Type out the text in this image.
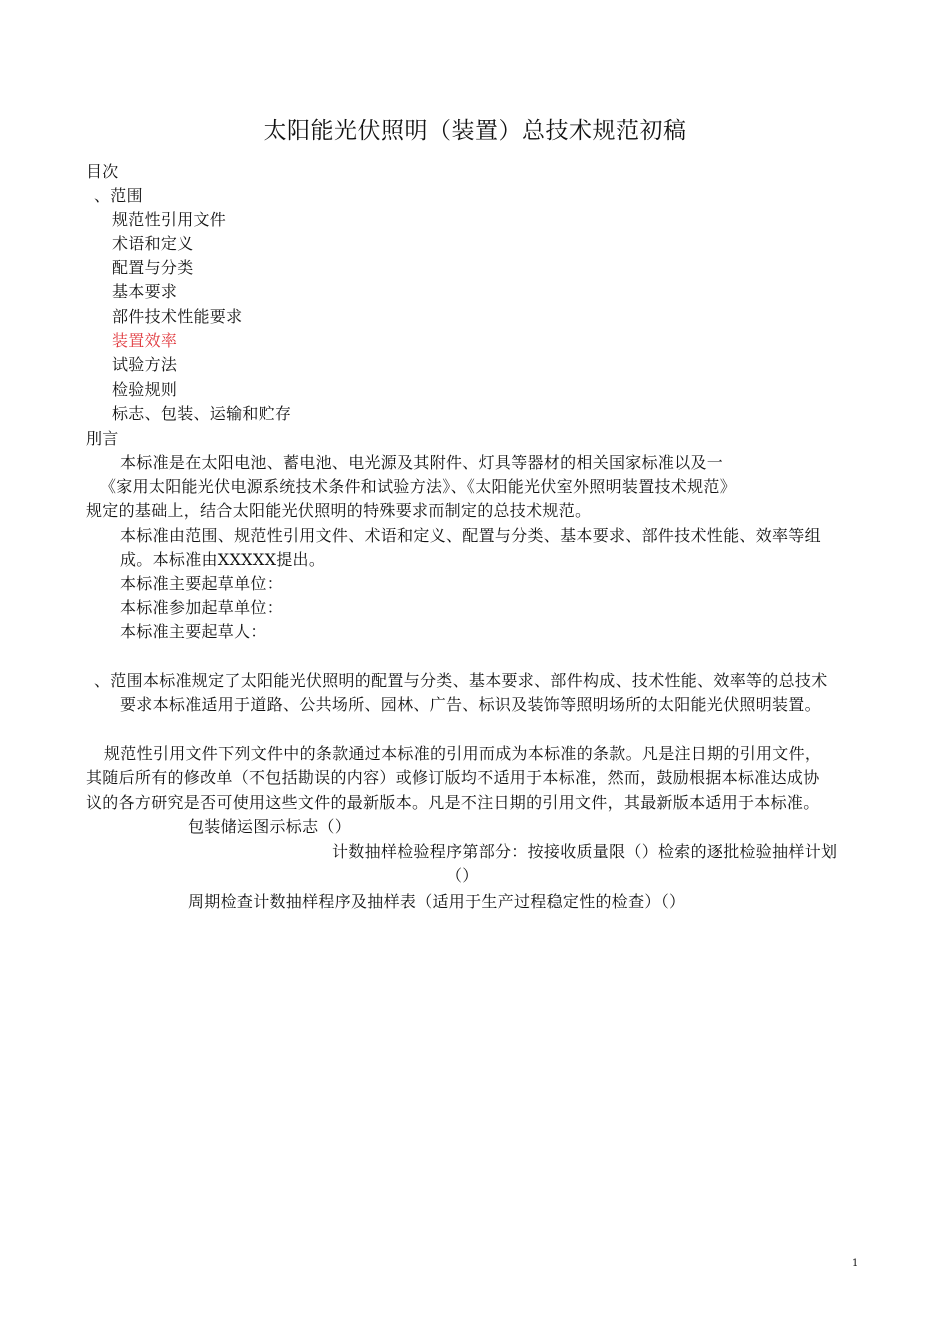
太阳能光伏照明（装置）总技术规范初稿
目次
、范围
规范性引用文件
术语和定义
配置与分类
基本要求
部件技术性能要求
装置效率
试验方法
检验规则
标志、包装、运输和贮存
刖言
本标准是在太阳电池、蓄电池、电光源及其附件、灯具等器材的相关国家标准以及一
《家用太阳能光伏电源系统技术条件和试验方法》、《太阳能光伏室外照明装置技术规范》
规定的基础上，结合太阳能光伏照明的特殊要求而制定的总技术规范。
本标准由范围、规范性引用文件、术语和定义、配置与分类、基本要求、部件技术性能、效率等组
成。本标准由XXXXX提出。
本标准主要起草单位：
本标准参加起草单位：
本标准主要起草人：
、范围本标准规定了太阳能光伏照明的配置与分类、基本要求、部件构成、技术性能、效率等的总技术
要求本标准适用于道路、公共场所、园林、广告、标识及装饰等照明场所的太阳能光伏照明装置。
规范性引用文件下列文件中的条款通过本标准的引用而成为本标准的条款。凡是注日期的引用文件，
其随后所有的修改单（不包括勘误的内容）或修订版均不适用于本标准，然而，鼓励根据本标准达成协
议的各方研究是否可使用这些文件的最新版本。凡是不注日期的引用文件，其最新版本适用于本标准。
包装储运图示标志（）
计数抽样检验程序第部分：按接收质量限（）检索的逐批检验抽样计划
（）
周期检查计数抽样程序及抽样表（适用于生产过程稳定性的检查）（）
1
